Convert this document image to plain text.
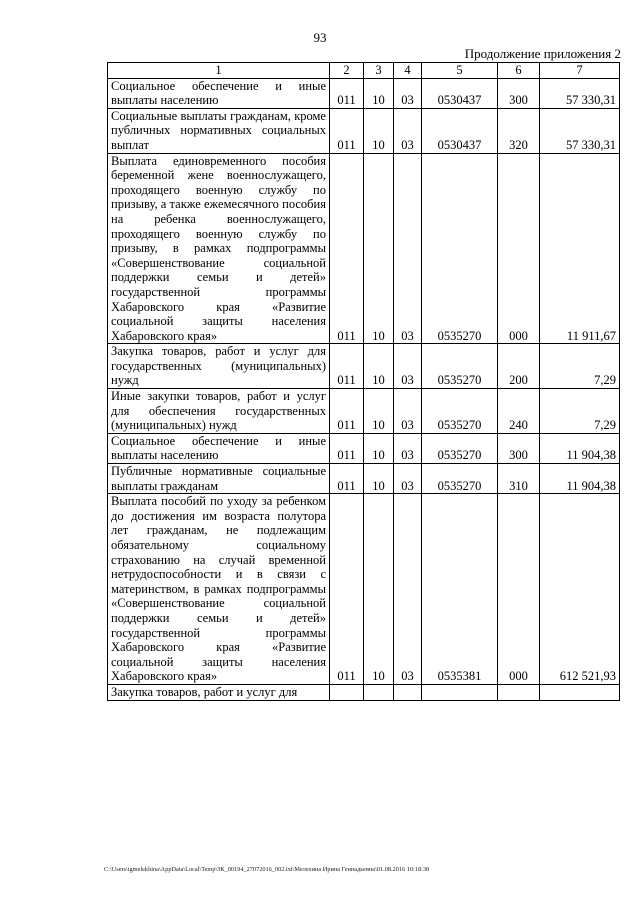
93
Продолжение приложения 2
1	2	3	4	5	6	7
Социальное обеспечение и иные выплаты населению	011	10	03	0530437	300	57 330,31
Социальные выплаты гражданам, кроме публичных нормативных социальных выплат	011	10	03	0530437	320	57 330,31
Выплата единовременного пособия беременной жене военнослужащего, проходящего военную службу по призыву, а также ежемесячного пособия на ребенка военнослужащего, проходящего военную службу по призыву, в рамках подпрограммы «Совершенствование социальной поддержки семьи и детей» государственной программы Хабаровского края «Развитие социальной защиты населения Хабаровского края»	011	10	03	0535270	000	11 911,67
Закупка товаров, работ и услуг для государственных (муниципальных) нужд	011	10	03	0535270	200	7,29
Иные закупки товаров, работ и услуг для обеспечения государственных (муниципальных) нужд	011	10	03	0535270	240	7,29
Социальное обеспечение и иные выплаты населению	011	10	03	0535270	300	11 904,38
Публичные нормативные социальные выплаты гражданам	011	10	03	0535270	310	11 904,38
Выплата пособий по уходу за ребенком до достижения им возраста полутора лет гражданам, не подлежащим обязательному социальному страхованию на случай временной нетрудоспособности и в связи с материнством, в рамках подпрограммы «Совершенствование социальной поддержки семьи и детей» государственной программы Хабаровского края «Развитие социальной защиты населения Хабаровского края»	011	10	03	0535381	000	612 521,93
Закупка товаров, работ и услуг для						
C:\Users\igmelekhina\AppData\Local\Temp\ЗК_00194_27072016_002.txt\Мелехина Ирина Геннадьевна\01.08.2016 10:18:38
